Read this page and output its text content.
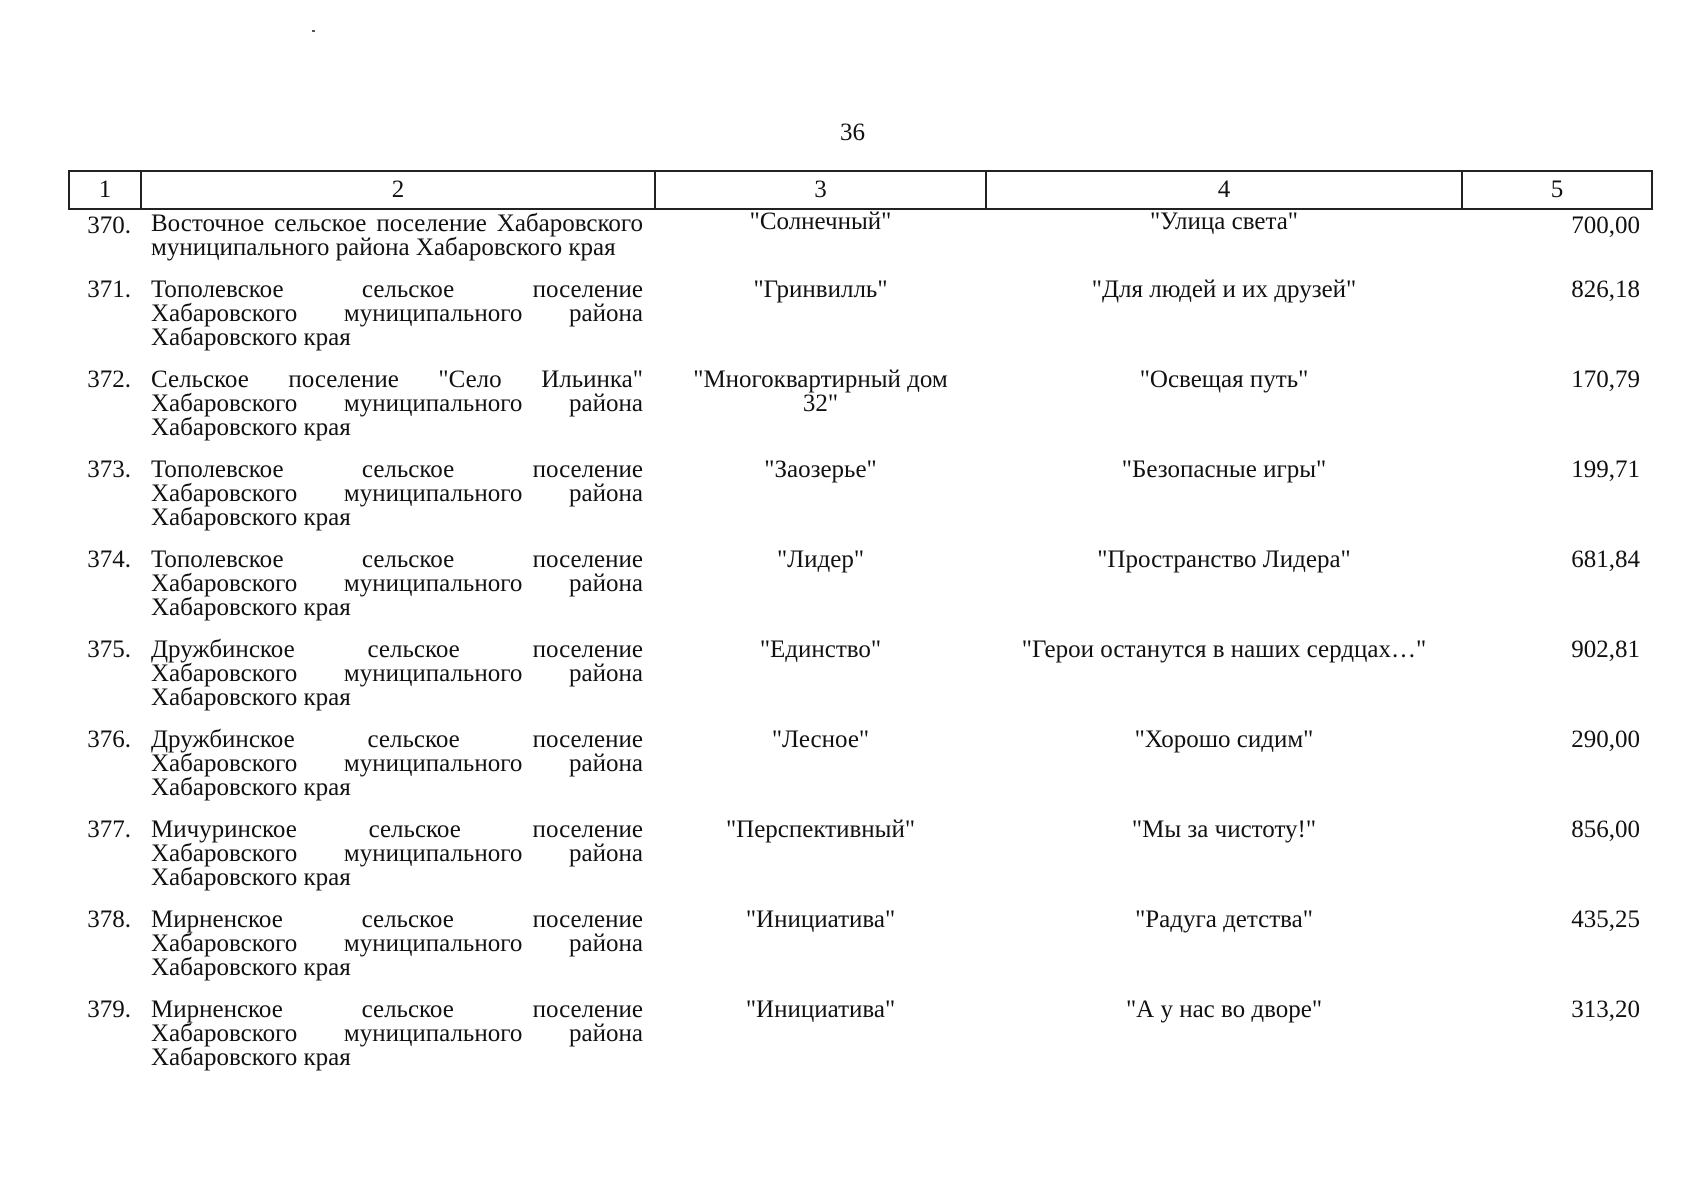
36
1	2	3	4	5
370.	Восточное сельское поселение Хабаровского муниципального района Хабаровского края	"Солнечный"	"Улица света"	700,00
371.	Тополевское сельское поселение Хабаровского муниципального района Хабаровского края	"Гринвилль"	"Для людей и их друзей"	826,18
372.	Сельское поселение "Село Ильинка" Хабаровского муниципального района Хабаровского края	"Многоквартирный дом 32"	"Освещая путь"	170,79
373.	Тополевское сельское поселение Хабаровского муниципального района Хабаровского края	"Заозерье"	"Безопасные игры"	199,71
374.	Тополевское сельское поселение Хабаровского муниципального района Хабаровского края	"Лидер"	"Пространство Лидера"	681,84
375.	Дружбинское сельское поселение Хабаровского муниципального района Хабаровского края	"Единство"	"Герои останутся в наших сердцах…"	902,81
376.	Дружбинское сельское поселение Хабаровского муниципального района Хабаровского края	"Лесное"	"Хорошо сидим"	290,00
377.	Мичуринское сельское поселение Хабаровского муниципального района Хабаровского края	"Перспективный"	"Мы за чистоту!"	856,00
378.	Мирненское сельское поселение Хабаровского муниципального района Хабаровского края	"Инициатива"	"Радуга детства"	435,25
379.	Мирненское сельское поселение Хабаровского муниципального района Хабаровского края	"Инициатива"	"А у нас во дворе"	313,20
